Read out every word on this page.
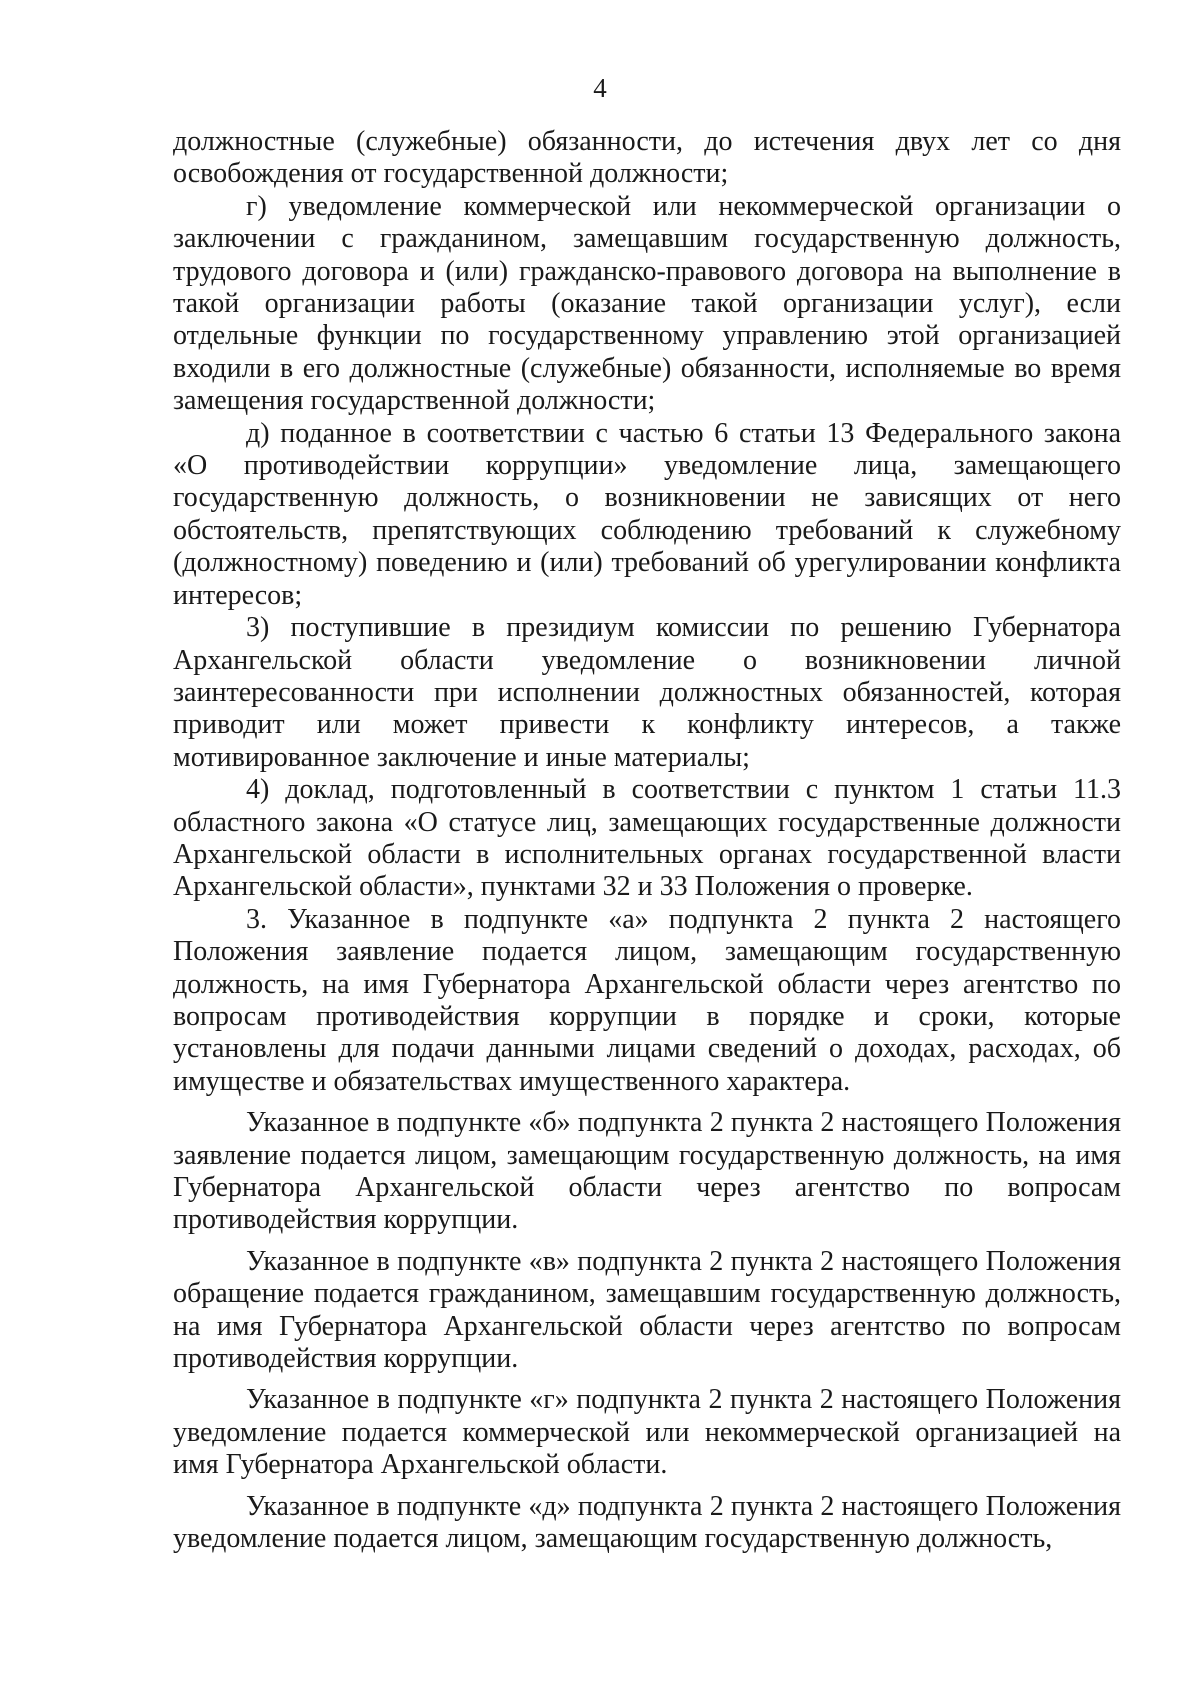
4

должностные (служебные) обязанности, до истечения двух лет со дня освобождения от государственной должности;

г) уведомление коммерческой или некоммерческой организации о заключении с гражданином, замещавшим государственную должность, трудового договора и (или) гражданско-правового договора на выполнение в такой организации работы (оказание такой организации услуг), если отдельные функции по государственному управлению этой организацией входили в его должностные (служебные) обязанности, исполняемые во время замещения государственной должности;

д) поданное в соответствии с частью 6 статьи 13 Федерального закона «О противодействии коррупции» уведомление лица, замещающего государственную должность, о возникновении не зависящих от него обстоятельств, препятствующих соблюдению требований к служебному (должностному) поведению и (или) требований об урегулировании конфликта интересов;

3) поступившие в президиум комиссии по решению Губернатора Архангельской области уведомление о возникновении личной заинтересованности при исполнении должностных обязанностей, которая приводит или может привести к конфликту интересов, а также мотивированное заключение и иные материалы;

4) доклад, подготовленный в соответствии с пунктом 1 статьи 11.3 областного закона «О статусе лиц, замещающих государственные должности Архангельской области в исполнительных органах государственной власти Архангельской области», пунктами 32 и 33 Положения о проверке.

3. Указанное в подпункте «а» подпункта 2 пункта 2 настоящего Положения заявление подается лицом, замещающим государственную должность, на имя Губернатора Архангельской области через агентство по вопросам противодействия коррупции в порядке и сроки, которые установлены для подачи данными лицами сведений о доходах, расходах, об имуществе и обязательствах имущественного характера.

Указанное в подпункте «б» подпункта 2 пункта 2 настоящего Положения заявление подается лицом, замещающим государственную должность, на имя Губернатора Архангельской области через агентство по вопросам противодействия коррупции.

Указанное в подпункте «в» подпункта 2 пункта 2 настоящего Положения обращение подается гражданином, замещавшим государственную должность, на имя Губернатора Архангельской области через агентство по вопросам противодействия коррупции.

Указанное в подпункте «г» подпункта 2 пункта 2 настоящего Положения уведомление подается коммерческой или некоммерческой организацией на имя Губернатора Архангельской области.

Указанное в подпункте «д» подпункта 2 пункта 2 настоящего Положения уведомление подается лицом, замещающим государственную должность,
